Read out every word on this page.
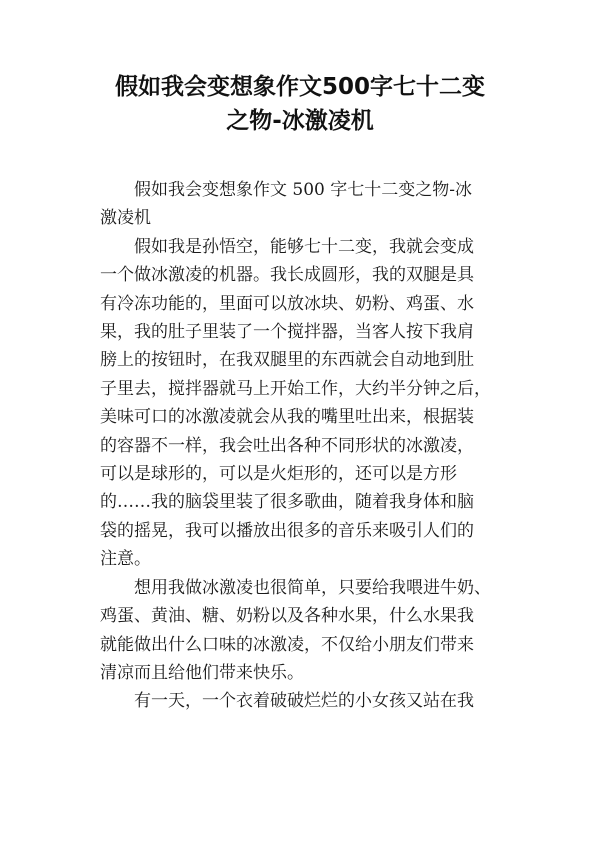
假如我会变想象作文500字七十二变
之物-冰激凌机
假如我会变想象作文 500 字七十二变之物-冰
激凌机
假如我是孙悟空，能够七十二变，我就会变成
一个做冰激凌的机器。我长成圆形，我的双腿是具
有冷冻功能的，里面可以放冰块、奶粉、鸡蛋、水
果，我的肚子里装了一个搅拌器，当客人按下我肩
膀上的按钮时，在我双腿里的东西就会自动地到肚
子里去，搅拌器就马上开始工作，大约半分钟之后，
美味可口的冰激凌就会从我的嘴里吐出来，根据装
的容器不一样，我会吐出各种不同形状的冰激凌，
可以是球形的，可以是火炬形的，还可以是方形
的……我的脑袋里装了很多歌曲，随着我身体和脑
袋的摇晃，我可以播放出很多的音乐来吸引人们的
注意。
想用我做冰激凌也很简单，只要给我喂进牛奶、
鸡蛋、黄油、糖、奶粉以及各种水果，什么水果我
就能做出什么口味的冰激凌，不仅给小朋友们带来
清凉而且给他们带来快乐。
有一天，一个衣着破破烂烂的小女孩又站在我
